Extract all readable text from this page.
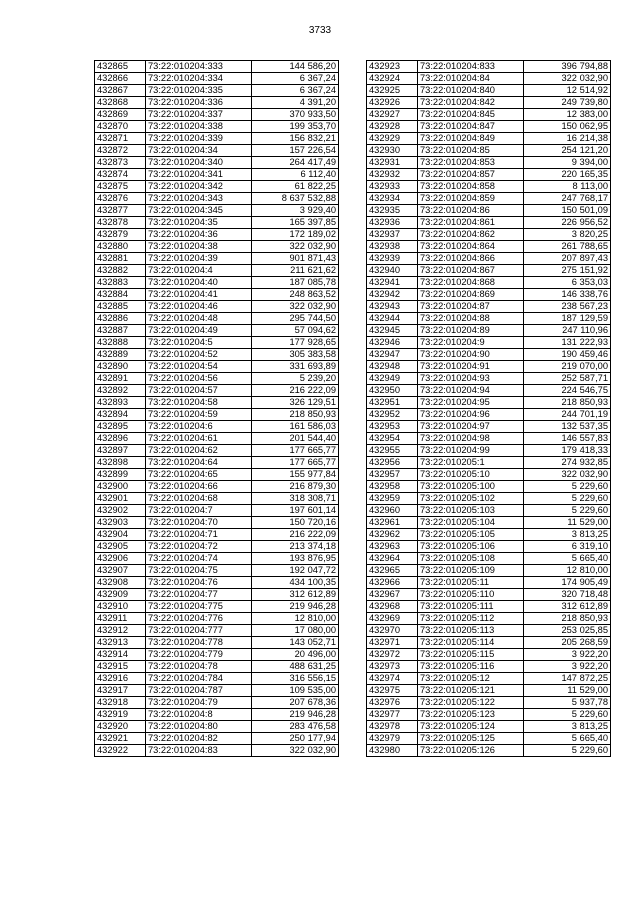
3733
432865	73:22:010204:333	144 586,20
432866	73:22:010204:334	6 367,24
432867	73:22:010204:335	6 367,24
432868	73:22:010204:336	4 391,20
432869	73:22:010204:337	370 933,50
432870	73:22:010204:338	199 353,70
432871	73:22:010204:339	156 832,21
432872	73:22:010204:34	157 226,54
432873	73:22:010204:340	264 417,49
432874	73:22:010204:341	6 112,40
432875	73:22:010204:342	61 822,25
432876	73:22:010204:343	8 637 532,88
432877	73:22:010204:345	3 929,40
432878	73:22:010204:35	165 397,85
432879	73:22:010204:36	172 189,02
432880	73:22:010204:38	322 032,90
432881	73:22:010204:39	901 871,43
432882	73:22:010204:4	211 621,62
432883	73:22:010204:40	187 085,78
432884	73:22:010204:41	248 863,52
432885	73:22:010204:46	322 032,90
432886	73:22:010204:48	295 744,50
432887	73:22:010204:49	57 094,62
432888	73:22:010204:5	177 928,65
432889	73:22:010204:52	305 383,58
432890	73:22:010204:54	331 693,89
432891	73:22:010204:56	5 239,20
432892	73:22:010204:57	216 222,09
432893	73:22:010204:58	326 129,51
432894	73:22:010204:59	218 850,93
432895	73:22:010204:6	161 586,03
432896	73:22:010204:61	201 544,40
432897	73:22:010204:62	177 665,77
432898	73:22:010204:64	177 665,77
432899	73:22:010204:65	155 977,84
432900	73:22:010204:66	216 879,30
432901	73:22:010204:68	318 308,71
432902	73:22:010204:7	197 601,14
432903	73:22:010204:70	150 720,16
432904	73:22:010204:71	216 222,09
432905	73:22:010204:72	213 374,18
432906	73:22:010204:74	193 876,95
432907	73:22:010204:75	192 047,72
432908	73:22:010204:76	434 100,35
432909	73:22:010204:77	312 612,89
432910	73:22:010204:775	219 946,28
432911	73:22:010204:776	12 810,00
432912	73:22:010204:777	17 080,00
432913	73:22:010204:778	143 052,71
432914	73:22:010204:779	20 496,00
432915	73:22:010204:78	488 631,25
432916	73:22:010204:784	316 556,15
432917	73:22:010204:787	109 535,00
432918	73:22:010204:79	207 678,36
432919	73:22:010204:8	219 946,28
432920	73:22:010204:80	283 476,58
432921	73:22:010204:82	250 177,94
432922	73:22:010204:83	322 032,90
432923	73:22:010204:833	396 794,88
432924	73:22:010204:84	322 032,90
432925	73:22:010204:840	12 514,92
432926	73:22:010204:842	249 739,80
432927	73:22:010204:845	12 383,00
432928	73:22:010204:847	150 062,95
432929	73:22:010204:849	16 214,38
432930	73:22:010204:85	254 121,20
432931	73:22:010204:853	9 394,00
432932	73:22:010204:857	220 165,35
432933	73:22:010204:858	8 113,00
432934	73:22:010204:859	247 768,17
432935	73:22:010204:86	150 501,09
432936	73:22:010204:861	226 956,52
432937	73:22:010204:862	3 820,25
432938	73:22:010204:864	261 788,65
432939	73:22:010204:866	207 897,43
432940	73:22:010204:867	275 151,92
432941	73:22:010204:868	6 353,03
432942	73:22:010204:869	146 338,76
432943	73:22:010204:87	238 567,23
432944	73:22:010204:88	187 129,59
432945	73:22:010204:89	247 110,96
432946	73:22:010204:9	131 222,93
432947	73:22:010204:90	190 459,46
432948	73:22:010204:91	219 070,00
432949	73:22:010204:93	252 587,71
432950	73:22:010204:94	224 546,75
432951	73:22:010204:95	218 850,93
432952	73:22:010204:96	244 701,19
432953	73:22:010204:97	132 537,35
432954	73:22:010204:98	146 557,83
432955	73:22:010204:99	179 418,33
432956	73:22:010205:1	274 932,85
432957	73:22:010205:10	322 032,90
432958	73:22:010205:100	5 229,60
432959	73:22:010205:102	5 229,60
432960	73:22:010205:103	5 229,60
432961	73:22:010205:104	11 529,00
432962	73:22:010205:105	3 813,25
432963	73:22:010205:106	6 319,10
432964	73:22:010205:108	5 665,40
432965	73:22:010205:109	12 810,00
432966	73:22:010205:11	174 905,49
432967	73:22:010205:110	320 718,48
432968	73:22:010205:111	312 612,89
432969	73:22:010205:112	218 850,93
432970	73:22:010205:113	253 025,85
432971	73:22:010205:114	205 268,59
432972	73:22:010205:115	3 922,20
432973	73:22:010205:116	3 922,20
432974	73:22:010205:12	147 872,25
432975	73:22:010205:121	11 529,00
432976	73:22:010205:122	5 937,78
432977	73:22:010205:123	5 229,60
432978	73:22:010205:124	3 813,25
432979	73:22:010205:125	5 665,40
432980	73:22:010205:126	5 229,60
